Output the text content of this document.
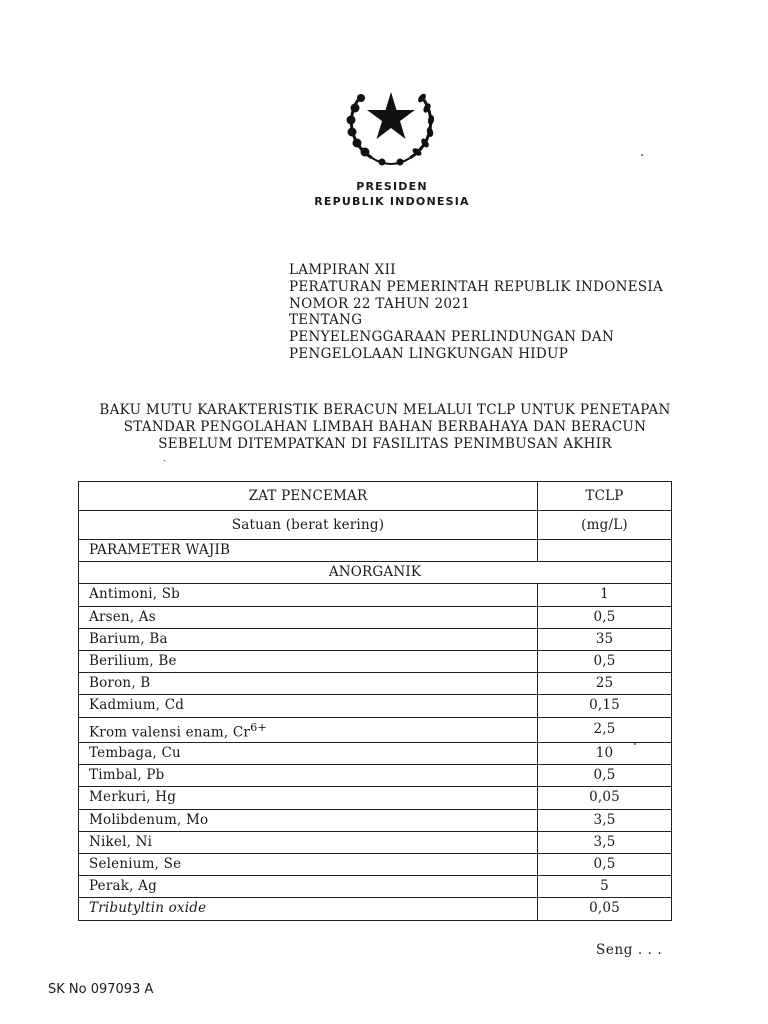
PRESIDEN
REPUBLIK INDONESIA
LAMPIRAN XII
PERATURAN PEMERINTAH REPUBLIK INDONESIA
NOMOR 22 TAHUN 2021
TENTANG
PENYELENGGARAAN PERLINDUNGAN DAN
PENGELOLAAN LINGKUNGAN HIDUP
BAKU MUTU KARAKTERISTIK BERACUN MELALUI TCLP UNTUK PENETAPAN
STANDAR PENGOLAHAN LIMBAH BAHAN BERBAHAYA DAN BERACUN
SEBELUM DITEMPATKAN DI FASILITAS PENIMBUSAN AKHIR
ˏ
ZAT PENCEMAR	TCLP
Satuan (berat kering)	(mg/L)
PARAMETER WAJIB	
ANORGANIK	
Antimoni, Sb	1
Arsen, As	0,5
Barium, Ba	35
Berilium, Be	0,5
Boron, B	25
Kadmium, Cd	0,15
Krom valensi enam, $Cr^{6+}$	2,5
Tembaga, Cu	10
Timbal, Pb	0,5
Merkuri, Hg	0,05
Molibdenum, Mo	3,5
Nikel, Ni	3,5
Selenium, Se	0,5
Perak, Ag	5
Tributyltin oxide	0,05
Seng . . .
SK No 097093 A
